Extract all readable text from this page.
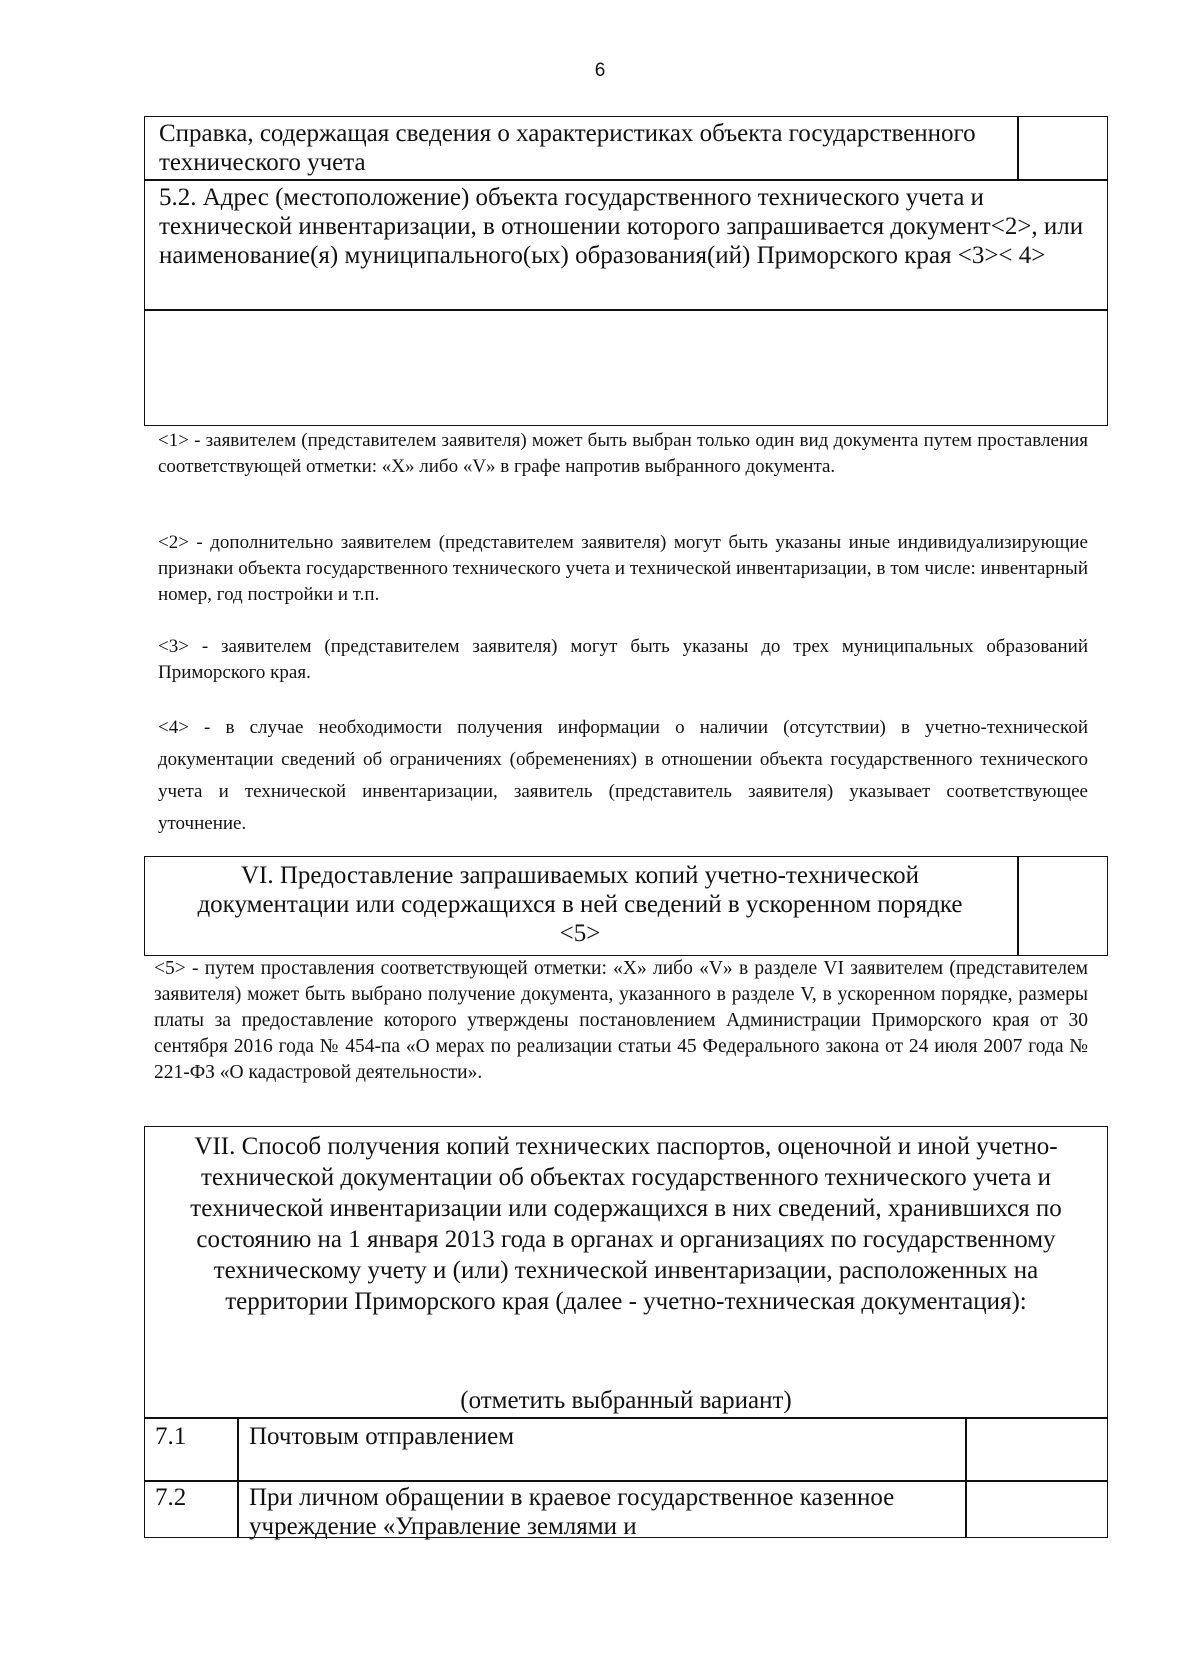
6
Справка, содержащая сведения о характеристиках объекта государственного технического учета
5.2. Адрес (местоположение) объекта государственного технического учета и технической инвентаризации, в отношении которого запрашивается документ<2>, или наименование(я) муниципального(ых) образования(ий) Приморского края <3>< 4>
<1> - заявителем (представителем заявителя) может быть выбран только один вид документа путем проставления соответствующей отметки: «Х» либо «V» в графе напротив выбранного документа.
<2> - дополнительно заявителем (представителем заявителя) могут быть указаны иные индивидуализирующие признаки объекта государственного технического учета и технической инвентаризации, в том числе: инвентарный номер, год постройки и т.п.
<3> - заявителем (представителем заявителя) могут быть указаны до трех муниципальных образований Приморского края.
<4> - в случае необходимости получения информации о наличии (отсутствии) в учетно-технической документации сведений об ограничениях (обременениях) в отношении объекта государственного технического учета и технической инвентаризации, заявитель (представитель заявителя) указывает соответствующее уточнение.
VI. Предоставление запрашиваемых копий учетно-технической документации или содержащихся в ней сведений в ускоренном порядке <5>
<5> - путем проставления соответствующей отметки: «Х» либо «V» в разделе VI заявителем (представителем заявителя) может быть выбрано получение документа, указанного в разделе V, в ускоренном порядке, размеры платы за предоставление которого утверждены постановлением Администрации Приморского края от 30 сентября 2016 года № 454-па «О мерах по реализации статьи 45 Федерального закона от 24 июля 2007 года № 221-ФЗ «О кадастровой деятельности».
VII. Способ получения копий технических паспортов, оценочной и иной учетно-технической документации об объектах государственного технического учета и технической инвентаризации или содержащихся в них сведений, хранившихся по состоянию на 1 января 2013 года в органах и организациях по государственному техническому учету и (или) технической инвентаризации, расположенных на территории Приморского края (далее - учетно-техническая документация):
(отметить выбранный вариант)
7.1	Почтовым отправлением
7.2	При личном обращении в краевое государственное казенное учреждение «Управление землями и
